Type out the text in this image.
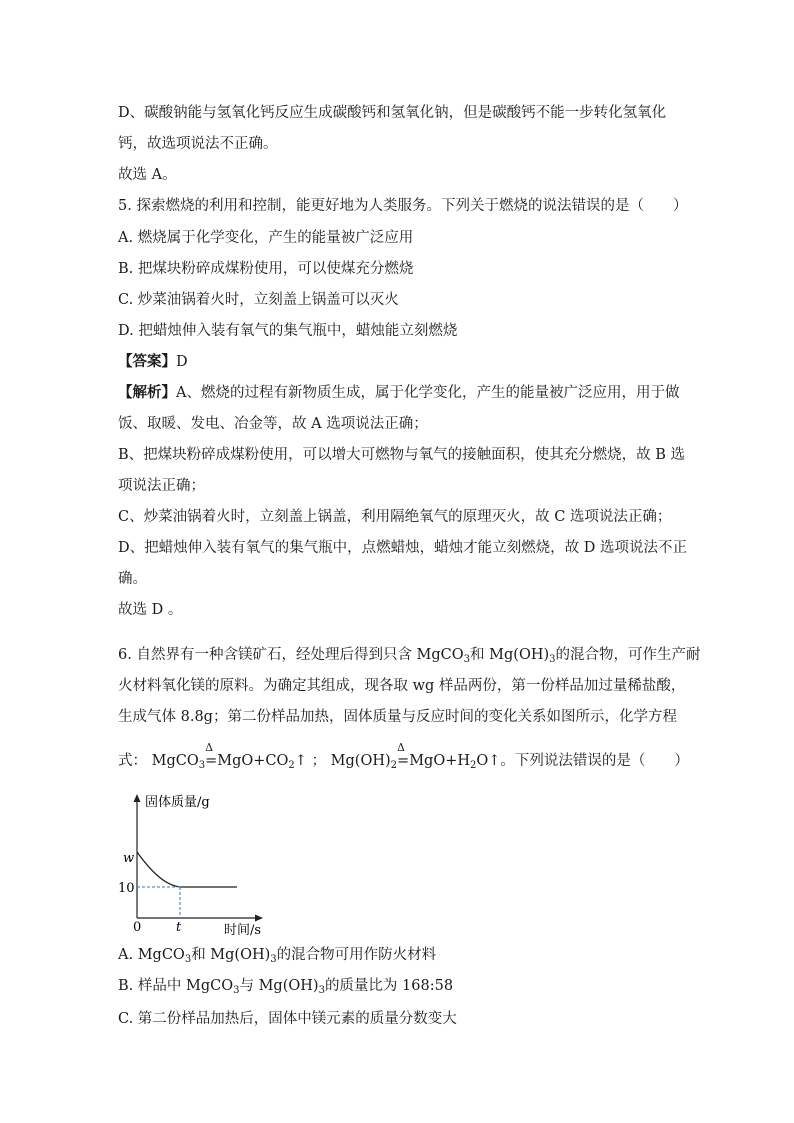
D、碳酸钠能与氢氧化钙反应生成碳酸钙和氢氧化钠，但是碳酸钙不能一步转化氢氧化
钙，故选项说法不正确。
故选 A。
5. 探索燃烧的利用和控制，能更好地为人类服务。下列关于燃烧的说法错误的是（　　）
A. 燃烧属于化学变化，产生的能量被广泛应用
B. 把煤块粉碎成煤粉使用，可以使煤充分燃烧
C. 炒菜油锅着火时，立刻盖上锅盖可以灭火
D. 把蜡烛伸入装有氧气的集气瓶中，蜡烛能立刻燃烧
【答案】D
【解析】A、燃烧的过程有新物质生成，属于化学变化，产生的能量被广泛应用，用于做
饭、取暖、发电、冶金等，故 A 选项说法正确；
B、把煤块粉碎成煤粉使用，可以增大可燃物与氧气的接触面积，使其充分燃烧，故 B 选
项说法正确；
C、炒菜油锅着火时，立刻盖上锅盖，利用隔绝氧气的原理灭火，故 C 选项说法正确；
D、把蜡烛伸入装有氧气的集气瓶中，点燃蜡烛，蜡烛才能立刻燃烧，故 D 选项说法不正
确。
故选 D 。
6. 自然界有一种含镁矿石，经处理后得到只含 MgCO$_3$和 $Mg(OH)_3$的混合物，可作生产耐
火材料氧化镁的原料。为确定其组成，现各取 wg 样品两份，第一份样品加过量稀盐酸，
生成气体 8.8g；第二份样品加热，固体质量与反应时间的变化关系如图所示，化学方程
式： MgCO$_3$
Δ
$=MgO+CO_2↑$ ； $Mg(OH)_2$
Δ
$=MgO+H_2O↑$。下列说法错误的是（　　）
固体质量/g
w
10
0	t	时间/s
A. MgCO$_3$和 $Mg(OH)_3$的混合物可用作防火材料
B. 样品中 MgCO$_3$与 $Mg(OH)_3$的质量比为 168:58
C. 第二份样品加热后，固体中镁元素的质量分数变大
